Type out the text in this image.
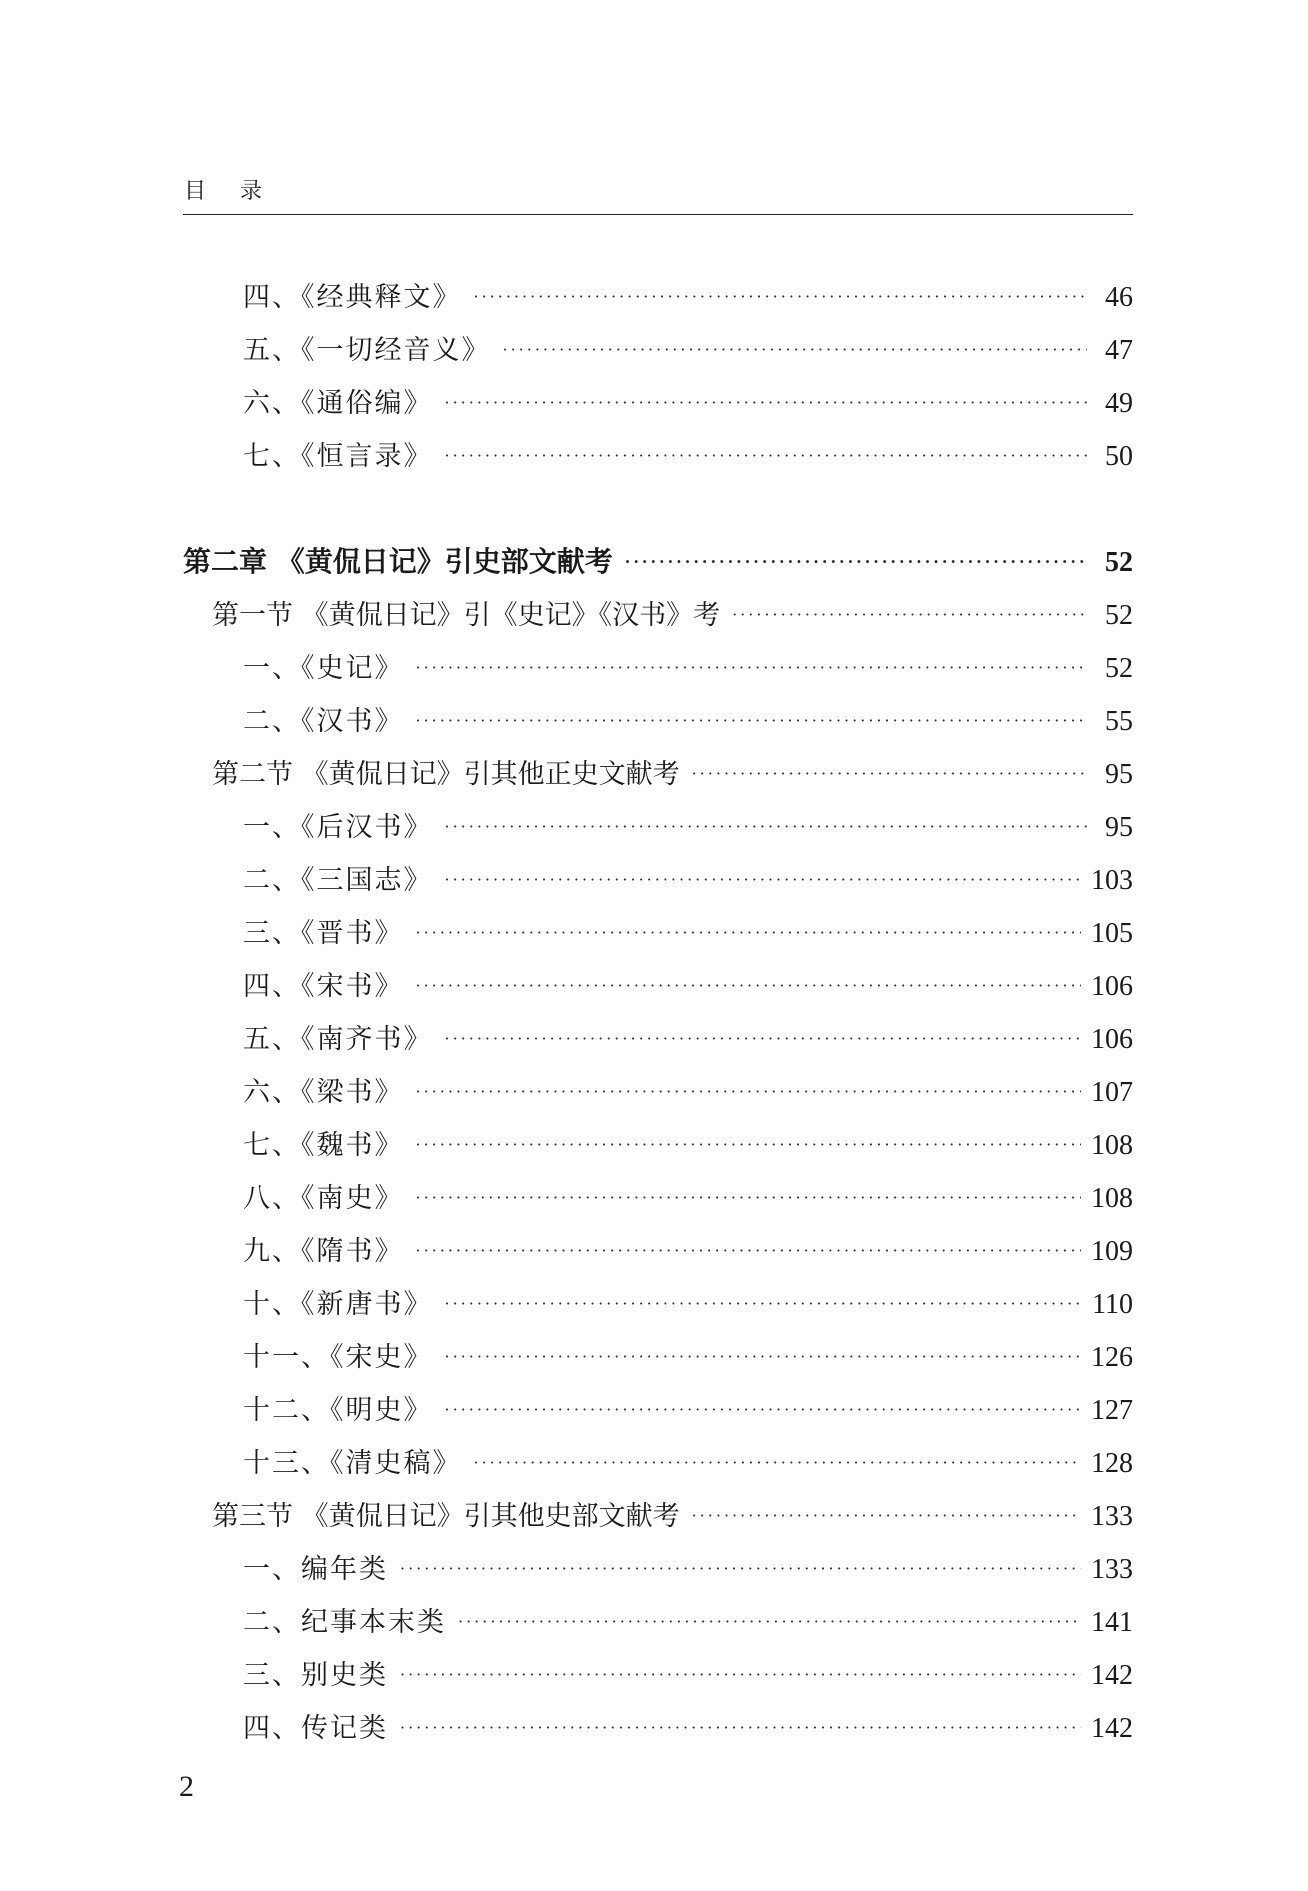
目录
四、《经典释文》 ·····	46
五、《一切经音义》 ·····	47
六、《通俗编》 ·····	49
七、《恒言录》 ·····	50
第二章 《黄侃日记》引史部文献考 ·····	52
第一节 《黄侃日记》引《史记》《汉书》考 ·····	52
一、《史记》 ·····	52
二、《汉书》 ·····	55
第二节 《黄侃日记》引其他正史文献考 ·····	95
一、《后汉书》 ·····	95
二、《三国志》 ·····	103
三、《晋书》 ·····	105
四、《宋书》 ·····	106
五、《南齐书》 ·····	106
六、《梁书》 ·····	107
七、《魏书》 ·····	108
八、《南史》 ·····	108
九、《隋书》 ·····	109
十、《新唐书》 ·····	110
十一、《宋史》 ·····	126
十二、《明史》 ·····	127
十三、《清史稿》 ·····	128
第三节 《黄侃日记》引其他史部文献考 ·····	133
一、编年类 ·····	133
二、纪事本末类 ·····	141
三、别史类 ·····	142
四、传记类 ·····	142
2
